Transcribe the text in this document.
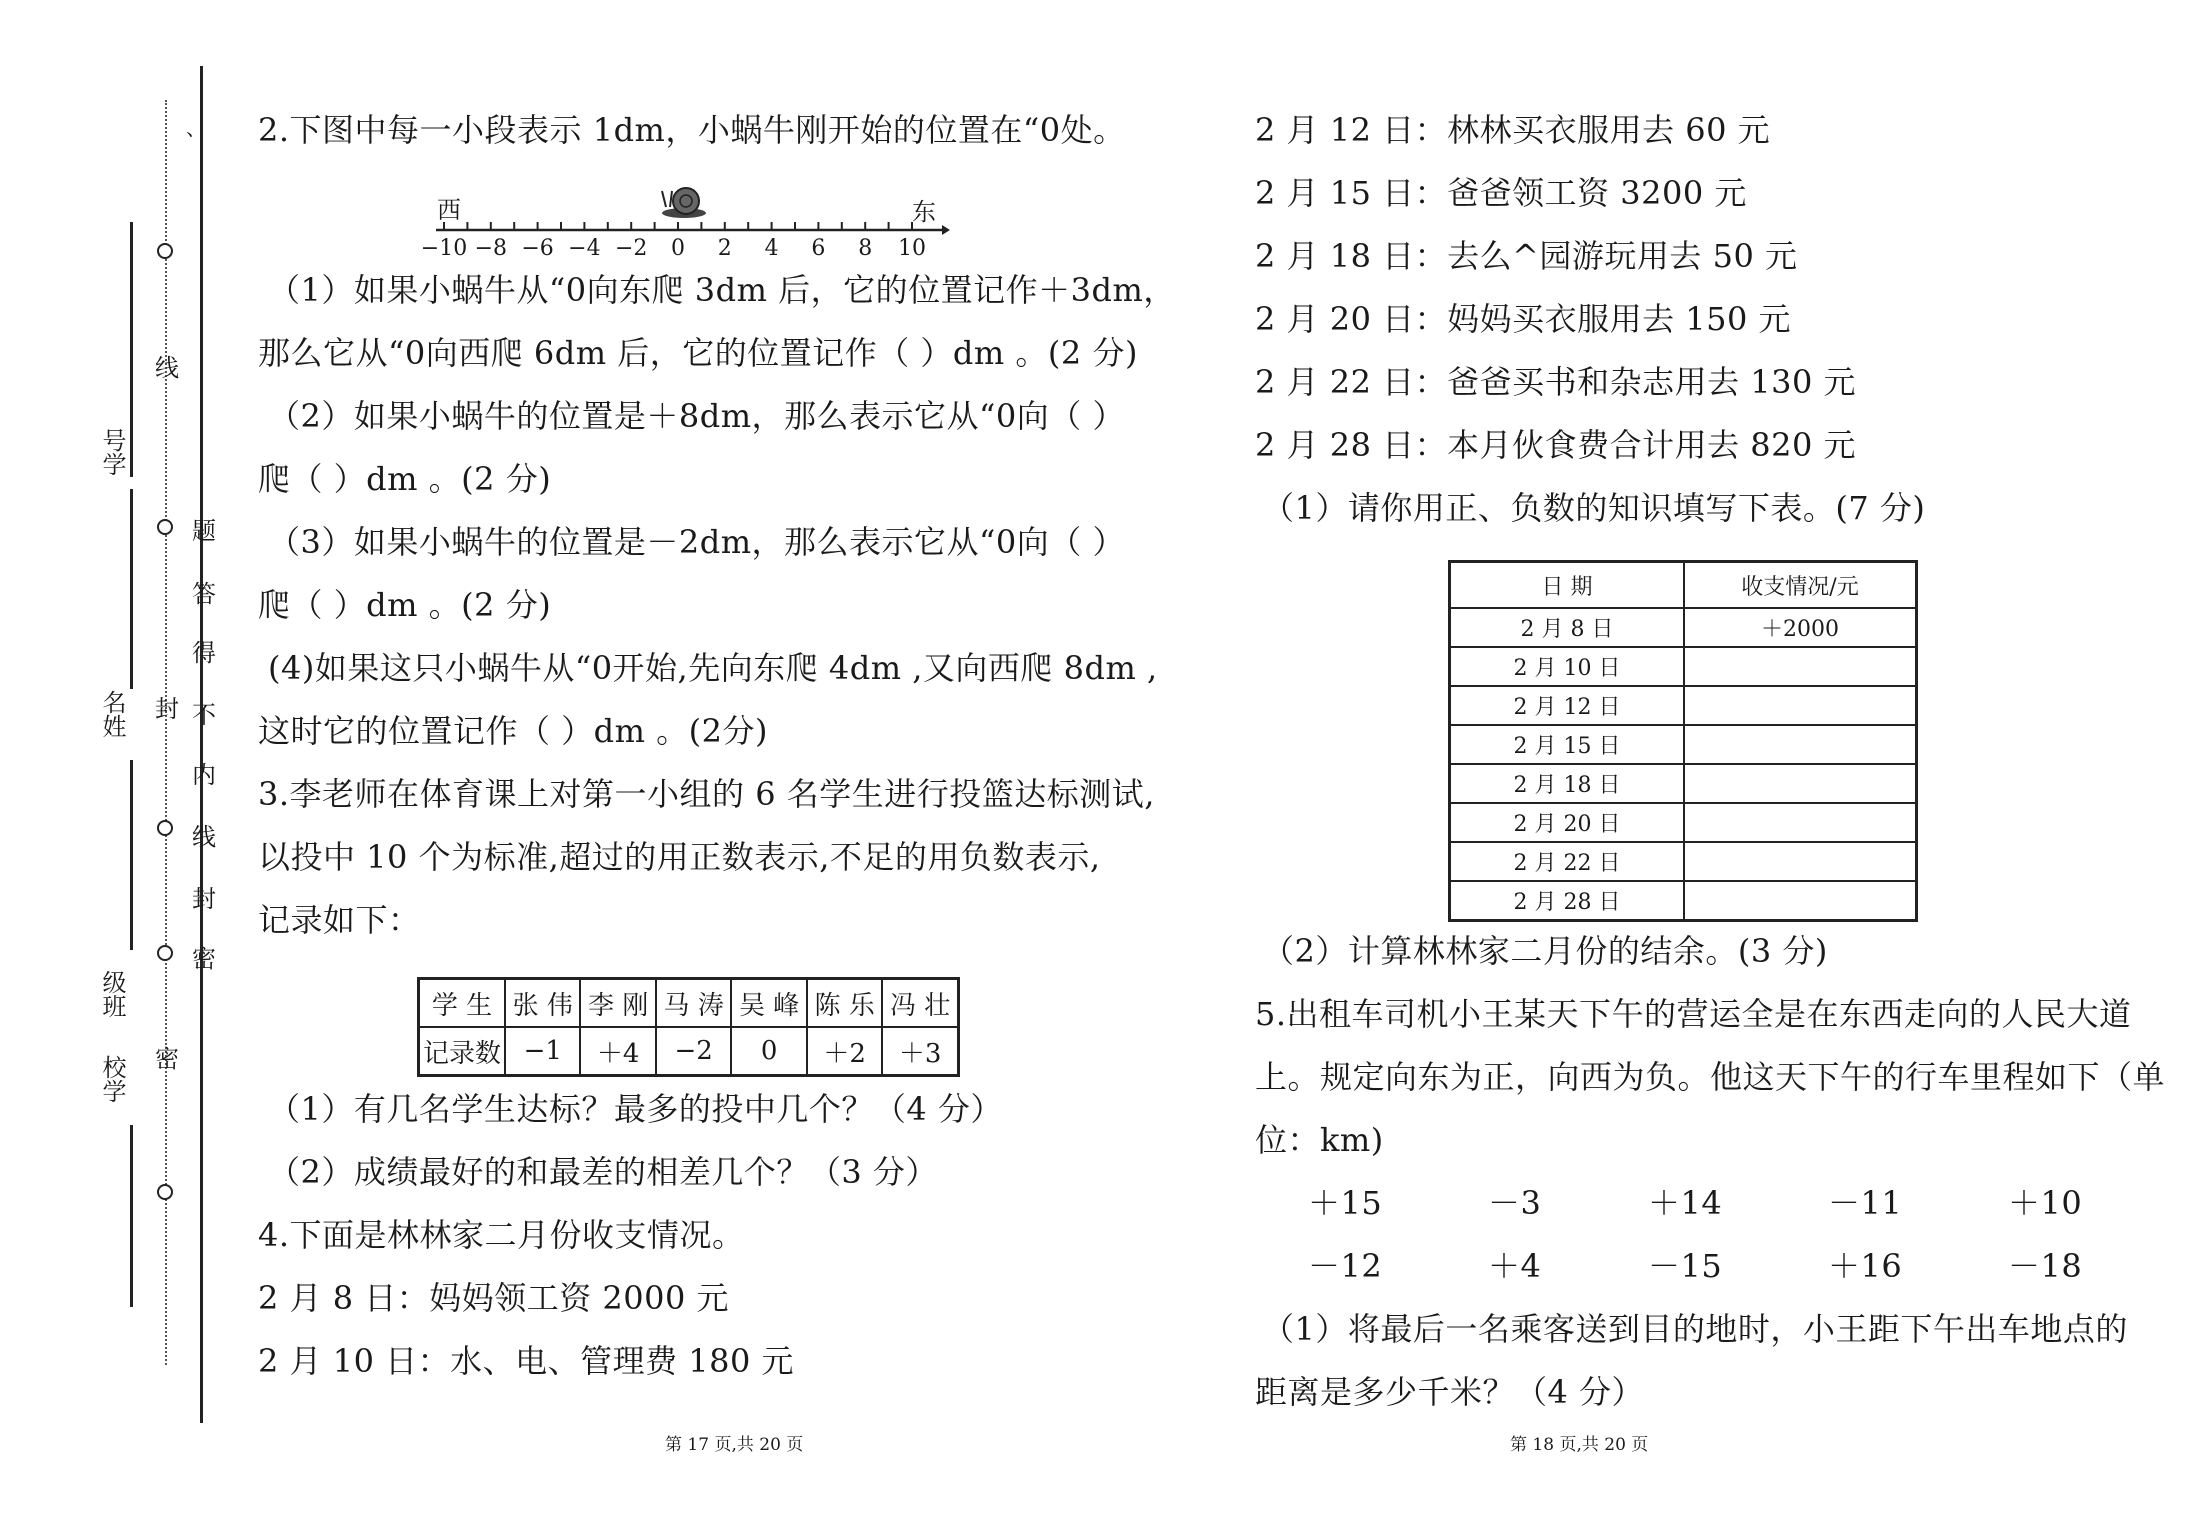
、
线
题
答
得
不
内
线
封
密
封
密
号学
名姓
级班
校学
2.下图中每一小段表示 1dm，小蜗牛刚开始的位置在“0处。
西	东
−10 −8 −6 −4 −2 0 2 4 6 8 10
（1）如果小蜗牛从“0向东爬 3dm 后，它的位置记作＋3dm，
那么它从“0向西爬 6dm 后，它的位置记作（ ）dm 。(2 分)
（2）如果小蜗牛的位置是＋8dm，那么表示它从“0向（ ）
爬（ ）dm 。(2 分)
（3）如果小蜗牛的位置是－2dm，那么表示它从“0向（ ）
爬（ ）dm 。(2 分)
(4)如果这只小蜗牛从“0开始,先向东爬 4dm ,又向西爬 8dm ,
这时它的位置记作（ ）dm 。(2分)
3.李老师在体育课上对第一小组的 6 名学生进行投篮达标测试,
以投中 10 个为标准,超过的用正数表示,不足的用负数表示,
记录如下：
学 生	张 伟	李 刚	马 涛	吴 峰	陈 乐	冯 壮
记录数	−1	＋4	−2	0	＋2	＋3
（1）有几名学生达标？最多的投中几个？（4 分）
（2）成绩最好的和最差的相差几个？（3 分）
4.下面是林林家二月份收支情况。
2 月 8 日：妈妈领工资 2000 元
2 月 10 日：水、电、管理费 180 元
第 17 页,共 20 页
2 月 12 日：林林买衣服用去 60 元
2 月 15 日：爸爸领工资 3200 元
2 月 18 日：去么^园游玩用去 50 元
2 月 20 日：妈妈买衣服用去 150 元
2 月 22 日：爸爸买书和杂志用去 130 元
2 月 28 日：本月伙食费合计用去 820 元
（1）请你用正、负数的知识填写下表。(7 分)
日 期	收支情况/元
2 月 8 日	＋2000
2 月 10 日	
2 月 12 日	
2 月 15 日	
2 月 18 日	
2 月 20 日	
2 月 22 日	
2 月 28 日	
（2）计算林林家二月份的结余。(3 分)
5.出租车司机小王某天下午的营运全是在东西走向的人民大道
上。规定向东为正，向西为负。他这天下午的行车里程如下（单
位：km)
＋15	－3	＋14	－11	＋10
－12	＋4	－15	＋16	－18
（1）将最后一名乘客送到目的地时，小王距下午出车地点的
距离是多少千米？（4 分）
第 18 页,共 20 页
